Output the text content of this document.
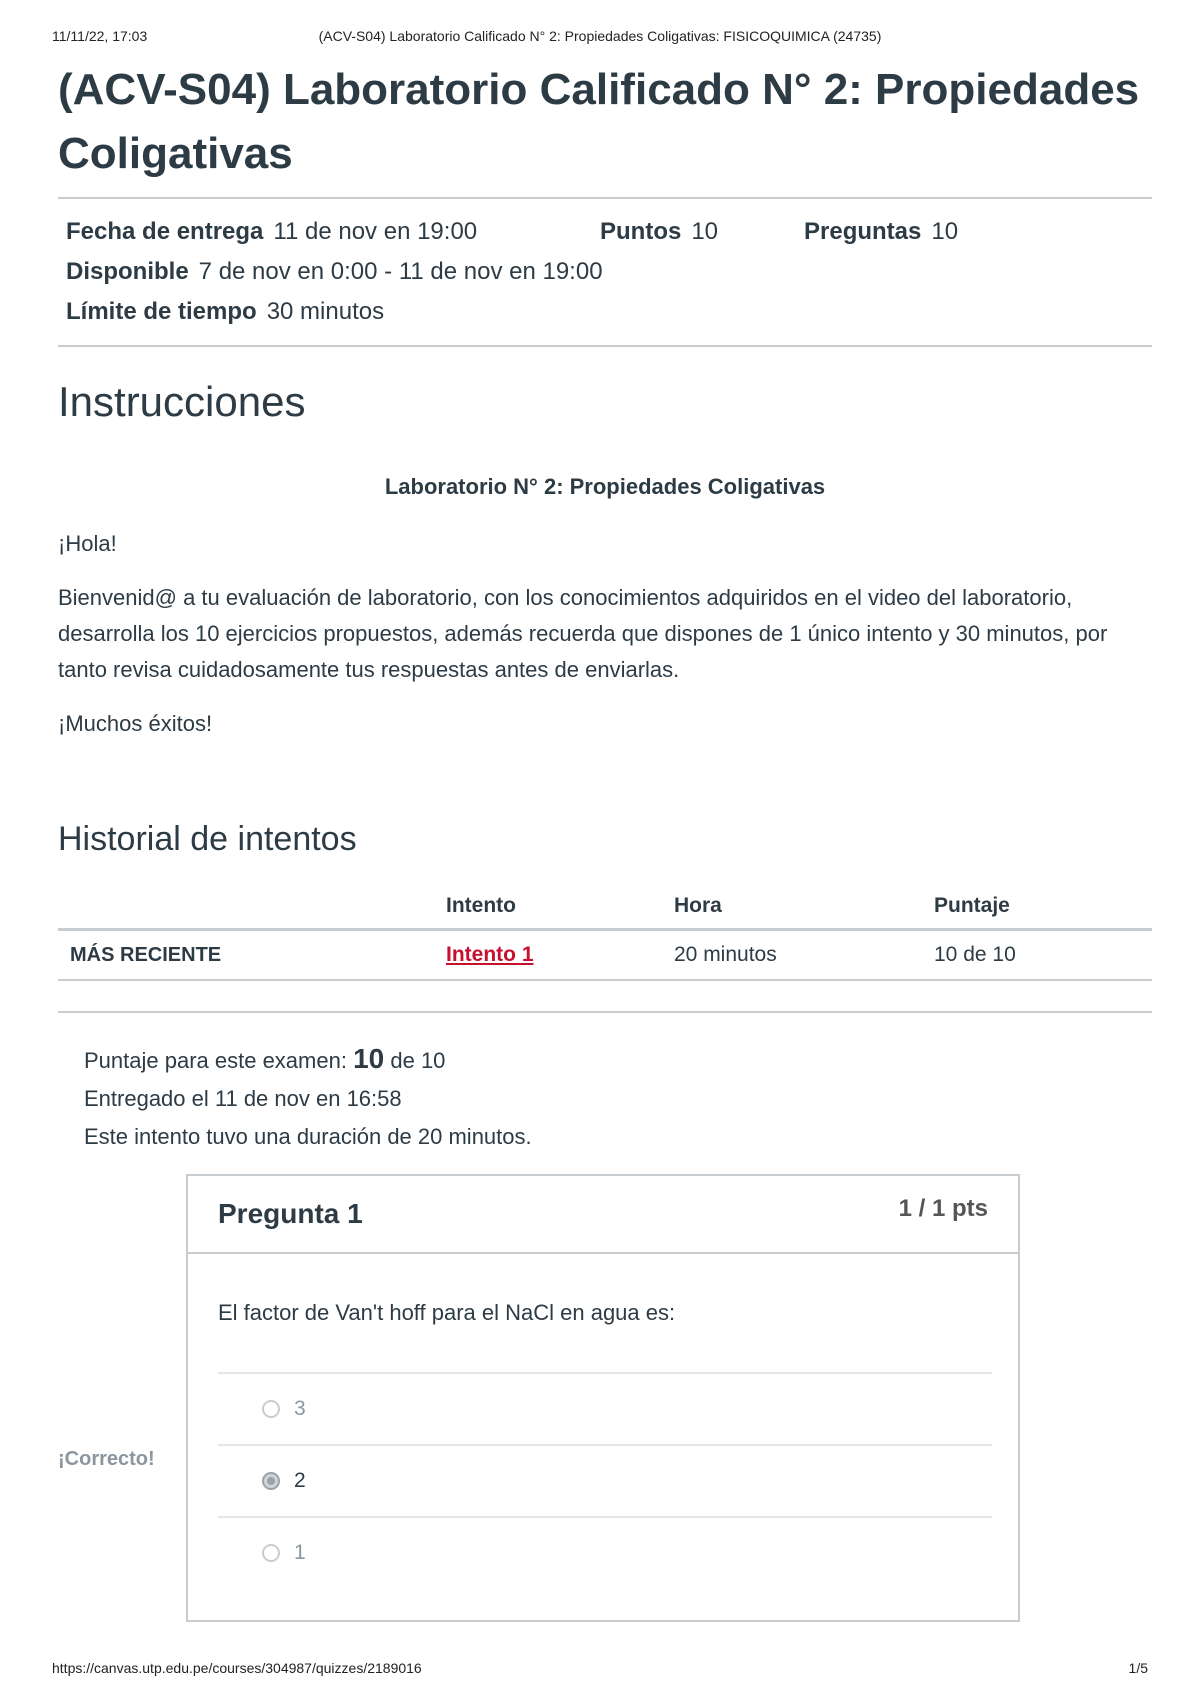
11/11/22, 17:03	(ACV-S04) Laboratorio Calificado N° 2: Propiedades Coligativas: FISICOQUIMICA (24735)
(ACV-S04) Laboratorio Calificado N° 2: Propiedades Coligativas
Fecha de entrega 11 de nov en 19:00	Puntos 10	Preguntas 10
Disponible 7 de nov en 0:00 - 11 de nov en 19:00
Límite de tiempo 30 minutos
Instrucciones
Laboratorio N° 2: Propiedades Coligativas
¡Hola!
Bienvenid@ a tu evaluación de laboratorio, con los conocimientos adquiridos en el video del laboratorio, desarrolla los 10 ejercicios propuestos, además recuerda que dispones de 1 único intento y 30 minutos, por tanto revisa cuidadosamente tus respuestas antes de enviarlas.
¡Muchos éxitos!
Historial de intentos
	Intento	Hora	Puntaje
MÁS RECIENTE	Intento 1	20 minutos	10 de 10
Puntaje para este examen: 10 de 10
Entregado el 11 de nov en 16:58
Este intento tuvo una duración de 20 minutos.
¡Correcto!
Pregunta 1	1 / 1 pts
El factor de Van't hoff para el NaCl en agua es:
3
2
1
https://canvas.utp.edu.pe/courses/304987/quizzes/2189016	1/5
